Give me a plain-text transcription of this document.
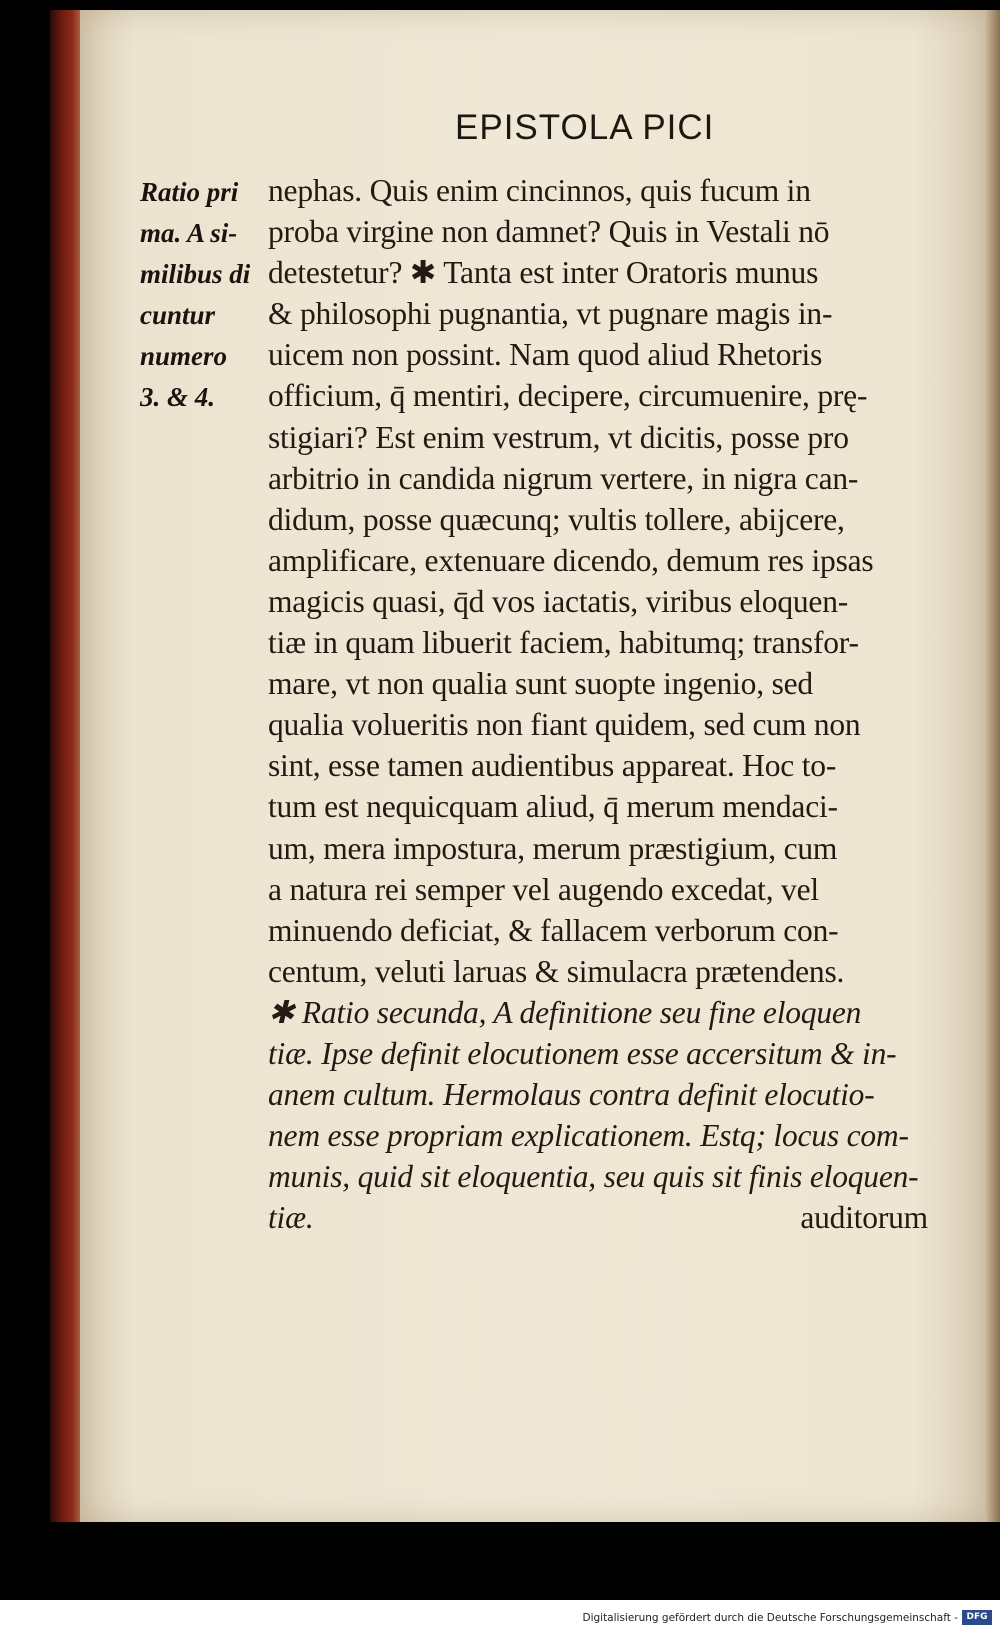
EPISTOLA PICI
Ratio pri
ma. A si-
milibus di
cuntur
numero
3. & 4.
nephas. Quis enim cincinnos, quis fucum in
proba virgine non damnet? Quis in Vestali nō
detestetur? ✱ Tanta est inter Oratoris munus
& philosophi pugnantia, vt pugnare magis in-
uicem non possint. Nam quod aliud Rhetoris
officium, q̄ mentiri, decipere, circumuenire, prę-
stigiari? Est enim vestrum, vt dicitis, posse pro
arbitrio in candida nigrum vertere, in nigra can-
didum, posse quæcunq; vultis tollere, abijcere,
amplificare, extenuare dicendo, demum res ipsas
magicis quasi, q̄d vos iactatis, viribus eloquen-
tiæ in quam libuerit faciem, habitumq; transfor-
mare, vt non qualia sunt suopte ingenio, sed
qualia volueritis non fiant quidem, sed cum non
sint, esse tamen audientibus appareat. Hoc to-
tum est nequicquam aliud, q̄ merum mendaci-
um, mera impostura, merum præstigium, cum
a natura rei semper vel augendo excedat, vel
minuendo deficiat, & fallacem verborum con-
centum, veluti laruas & simulacra prætendens.
✱ Ratio secunda, A definitione seu fine eloquen
tiæ. Ipse definit elocutionem esse accersitum & in-
anem cultum. Hermolaus contra definit elocutio-
nem esse propriam explicationem. Estq; locus com-
munis, quid sit eloquentia, seu quis sit finis eloquen-
tiæ.	auditorum
Digitalisierung gefördert durch die Deutsche Forschungsgemeinschaft - DFG
